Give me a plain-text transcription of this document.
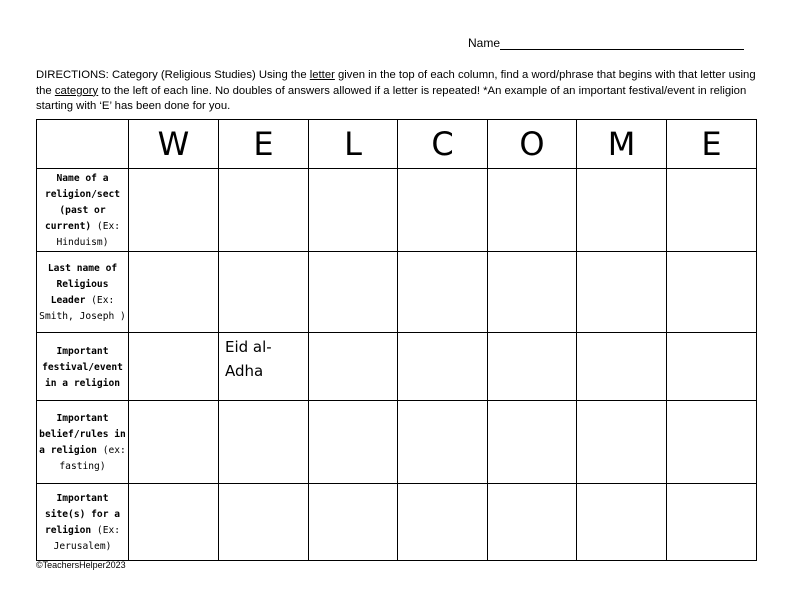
Name
DIRECTIONS: Category (Religious Studies) Using the letter given in the top of each column, find a word/phrase that begins with that letter using the category to the left of each line. No doubles of answers allowed if a letter is repeated! *An example of an important festival/event in religion starting with ‘E’ has been done for you.
	W	E	L	C	O	M	E
Name of a religion/sect (past or current) (Ex: Hinduism)							
Last name of Religious Leader (Ex: Smith, Joseph )							
Important festival/event in a religion		Eid al-Adha					
Important belief/rules in a religion (ex: fasting)							
Important site(s) for a religion (Ex: Jerusalem)							
©TeachersHelper2023
